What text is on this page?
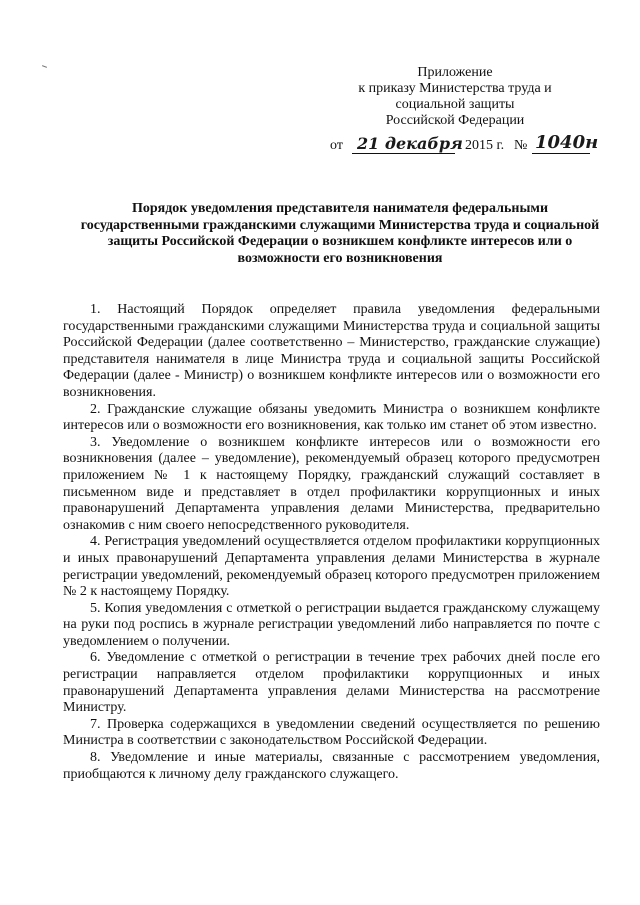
Приложение
к приказу Министерства труда и
социальной защиты
Российской Федерации
от 21 декабря 2015 г. № 1040н
Порядок уведомления представителя нанимателя федеральными государственными гражданскими служащими Министерства труда и социальной защиты Российской Федерации о возникшем конфликте интересов или о возможности его возникновения

1. Настоящий Порядок определяет правила уведомления федеральными государственными гражданскими служащими Министерства труда и социальной защиты Российской Федерации (далее соответственно – Министерство, гражданские служащие) представителя нанимателя в лице Министра труда и социальной защиты Российской Федерации (далее - Министр) о возникшем конфликте интересов или о возможности его возникновения.

2. Гражданские служащие обязаны уведомить Министра о возникшем конфликте интересов или о возможности его возникновения, как только им станет об этом известно.

3. Уведомление о возникшем конфликте интересов или о возможности его возникновения (далее – уведомление), рекомендуемый образец которого предусмотрен приложением № 1 к настоящему Порядку, гражданский служащий составляет в письменном виде и представляет в отдел профилактики коррупционных и иных правонарушений Департамента управления делами Министерства, предварительно ознакомив с ним своего непосредственного руководителя.

4. Регистрация уведомлений осуществляется отделом профилактики коррупционных и иных правонарушений Департамента управления делами Министерства в журнале регистрации уведомлений, рекомендуемый образец которого предусмотрен приложением № 2 к настоящему Порядку.

5. Копия уведомления с отметкой о регистрации выдается гражданскому служащему на руки под роспись в журнале регистрации уведомлений либо направляется по почте с уведомлением о получении.

6. Уведомление с отметкой о регистрации в течение трех рабочих дней после его регистрации направляется отделом профилактики коррупционных и иных правонарушений Департамента управления делами Министерства на рассмотрение Министру.

7. Проверка содержащихся в уведомлении сведений осуществляется по решению Министра в соответствии с законодательством Российской Федерации.

8. Уведомление и иные материалы, связанные с рассмотрением уведомления, приобщаются к личному делу гражданского служащего.
